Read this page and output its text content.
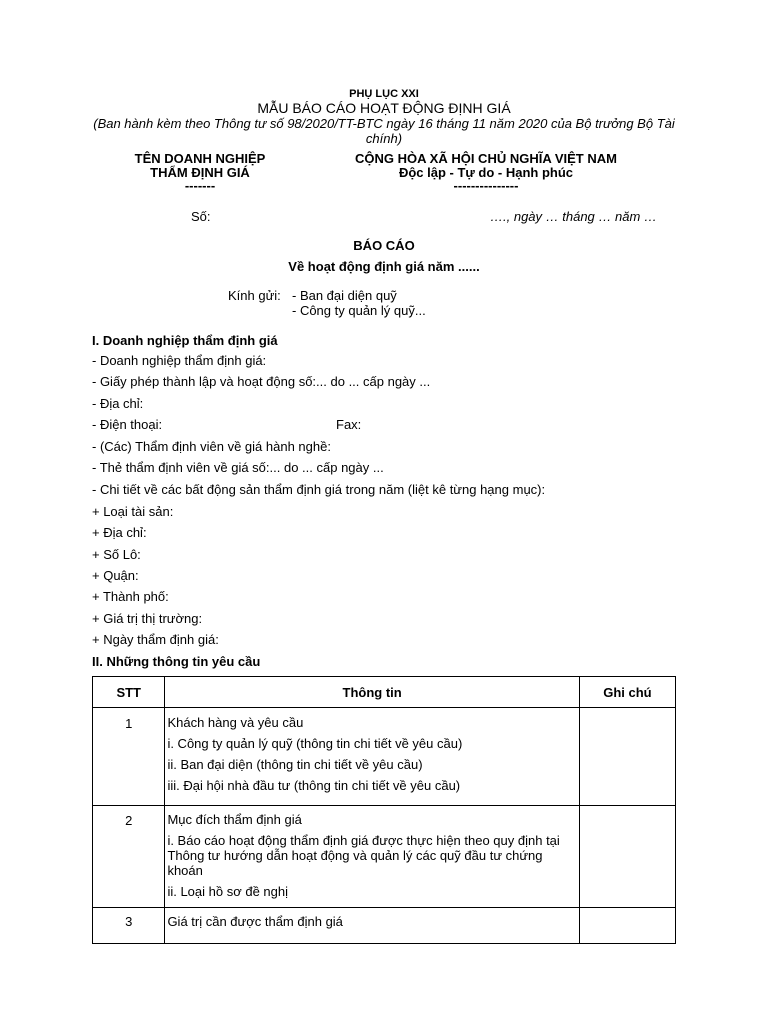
PHỤ LỤC XXI
MẪU BÁO CÁO HOẠT ĐỘNG ĐỊNH GIÁ
(Ban hành kèm theo Thông tư số 98/2020/TT-BTC ngày 16 tháng 11 năm 2020 của Bộ trưởng Bộ Tài
chính)
TÊN DOANH NGHIỆP
THẨM ĐỊNH GIÁ
-------
Số:
CỘNG HÒA XÃ HỘI CHỦ NGHĨA VIỆT NAM
Độc lập - Tự do - Hạnh phúc
---------------
…., ngày … tháng … năm …
BÁO CÁO
Về hoạt động định giá năm ......
Kính gửi: - Ban đại diện quỹ
- Công ty quản lý quỹ...
I. Doanh nghiệp thẩm định giá
- Doanh nghiệp thẩm định giá:
- Giấy phép thành lập và hoạt động số:... do ... cấp ngày ...
- Địa chỉ:
- Điện thoại:	Fax:
- (Các) Thẩm định viên về giá hành nghề:
- Thẻ thẩm định viên về giá số:... do ... cấp ngày ...
- Chi tiết về các bất động sản thẩm định giá trong năm (liệt kê từng hạng mục):
+ Loại tài sản:
+ Địa chỉ:
+ Số Lô:
+ Quận:
+ Thành phố:
+ Giá trị thị trường:
+ Ngày thẩm định giá:
II. Những thông tin yêu cầu
STT	Thông tin	Ghi chú
1	Khách hàng và yêu cầu

i. Công ty quản lý quỹ (thông tin chi tiết về yêu cầu)

ii. Ban đại diện (thông tin chi tiết về yêu cầu)

iii. Đại hội nhà đầu tư (thông tin chi tiết về yêu cầu)	

2	Mục đích thẩm định giá

i. Báo cáo hoạt động thẩm định giá được thực hiện theo quy định tại Thông tư hướng dẫn hoạt động và quản lý các quỹ đầu tư chứng khoán

ii. Loại hồ sơ đề nghị	

3	Giá trị cần được thẩm định giá	
